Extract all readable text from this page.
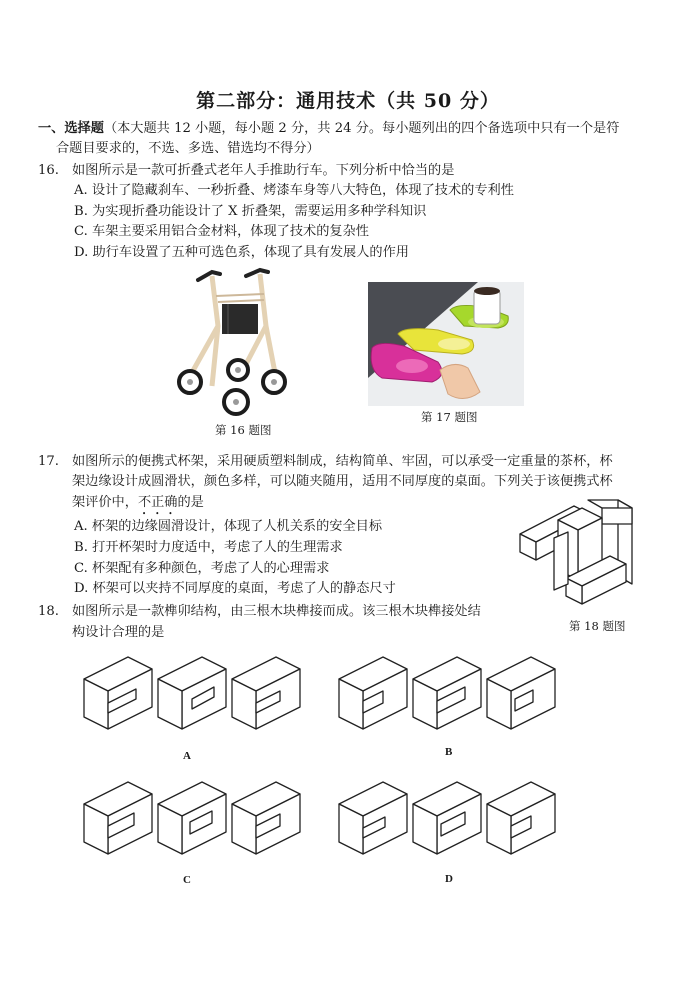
第二部分：通用技术（共 50 分）
一、选择题（本大题共 12 小题，每小题 2 分，共 24 分。每小题列出的四个备选项中只有一个是符
合题目要求的，不选、多选、错选均不得分）
16. 如图所示是一款可折叠式老年人手推助行车。下列分析中恰当的是
A. 设计了隐藏刹车、一秒折叠、烤漆车身等八大特色，体现了技术的专利性
B. 为实现折叠功能设计了 X 折叠架，需要运用多种学科知识
C. 车架主要采用铝合金材料，体现了技术的复杂性
D. 助行车设置了五种可选色系，体现了具有发展人的作用
第 16 题图
第 17 题图
17. 如图所示的便携式杯架，采用硬质塑料制成，结构简单、牢固，可以承受一定重量的茶杯，杯
架边缘设计成圆滑状，颜色多样，可以随夹随用，适用不同厚度的桌面。下列关于该便携式杯
架评价中，不正确的是
A. 杯架的边缘圆滑设计，体现了人机关系的安全目标
B. 打开杯架时力度适中，考虑了人的生理需求
C. 杯架配有多种颜色，考虑了人的心理需求
D. 杯架可以夹持不同厚度的桌面，考虑了人的静态尺寸
第 18 题图
18. 如图所示是一款榫卯结构，由三根木块榫接而成。该三根木块榫接处结
构设计合理的是
A	B
C	D
